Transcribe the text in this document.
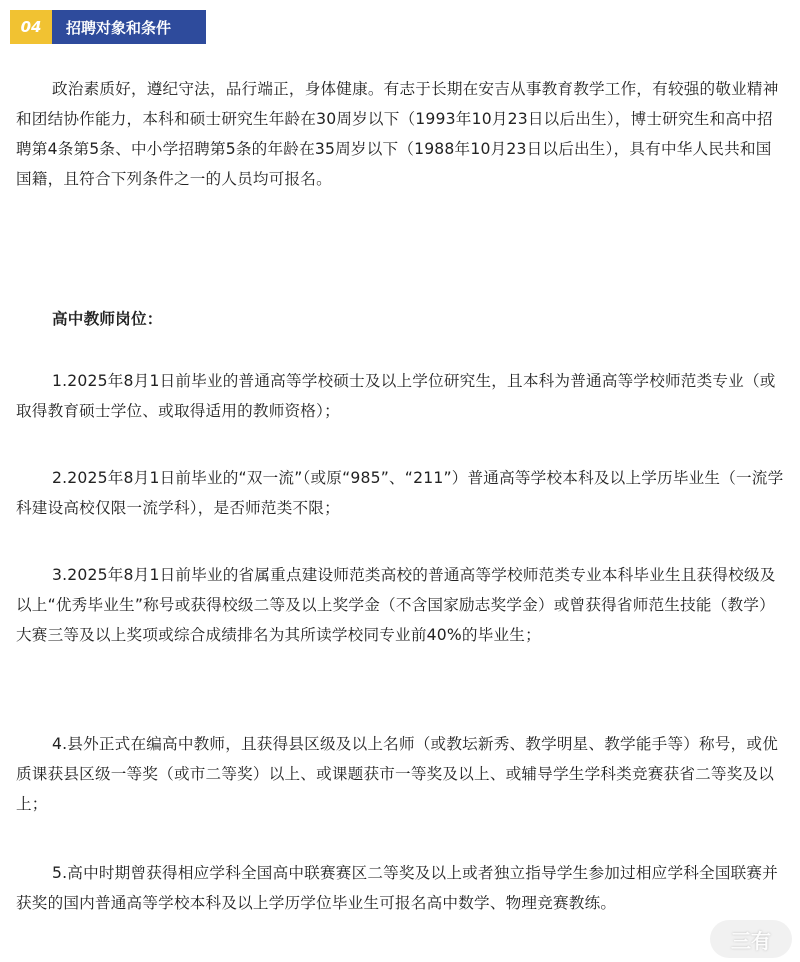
04	招聘对象和条件

政治素质好，遵纪守法，品行端正，身体健康。有志于长期在安吉从事教育教学工作，有较强的敬业精神和团结协作能力，本科和硕士研究生年龄在30周岁以下（1993年10月23日以后出生），博士研究生和高中招聘第4条第5条、中小学招聘第5条的年龄在35周岁以下（1988年10月23日以后出生），具有中华人民共和国国籍，且符合下列条件之一的人员均可报名。

高中教师岗位：

1.2025年8月1日前毕业的普通高等学校硕士及以上学位研究生，且本科为普通高等学校师范类专业（或取得教育硕士学位、或取得适用的教师资格）；

2.2025年8月1日前毕业的“双一流”（或原“985”、“211”）普通高等学校本科及以上学历毕业生（一流学科建设高校仅限一流学科），是否师范类不限；

3.2025年8月1日前毕业的省属重点建设师范类高校的普通高等学校师范类专业本科毕业生且获得校级及以上“优秀毕业生”称号或获得校级二等及以上奖学金（不含国家励志奖学金）或曾获得省师范生技能（教学）大赛三等及以上奖项或综合成绩排名为其所读学校同专业前40%的毕业生；

4.县外正式在编高中教师，且获得县区级及以上名师（或教坛新秀、教学明星、教学能手等）称号，或优质课获县区级一等奖（或市二等奖）以上、或课题获市一等奖及以上、或辅导学生学科类竞赛获省二等奖及以上；

5.高中时期曾获得相应学科全国高中联赛赛区二等奖及以上或者独立指导学生参加过相应学科全国联赛并获奖的国内普通高等学校本科及以上学历学位毕业生可报名高中数学、物理竞赛教练。

三有
